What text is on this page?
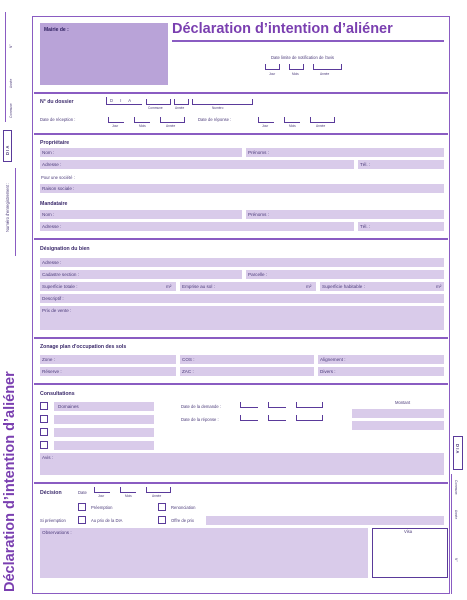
N°
Année
Commune
D I A
Numéro d'enregistrement :
Déclaration d’intention d’aliéner	D I A
Commune
Année
N°
Mairie de :	Déclaration d’intention d’aliéner
Date limite de notification de l'avis
Jour	Mois	Année
N° du dossier	D I A
Commune	Année	Numéro
Date de réception :
Jour	Mois	Année
Date de réponse :
Jour	Mois	Année
Propriétaire
Nom :	Prénoms :
Adresse :	Tél. :
Pour une société :
Raison sociale :
Mandataire
Nom :	Prénoms :
Adresse :	Tél. :
Désignation du bien
Adresse :
Cadastre section :	Parcelle :
Superficie totale :	m²	Emprise au sol :	m²	Superficie habitable :	m²
Descriptif :
Prix de vente :
Zonage plan d'occupation des sols
Zone :	COS :	Alignement :
Réserve :	ZAC :	Divers :
Consultations
Domaines	Date de la demande :
Date de la réponse :
Montant
Avis :
Décision	Date
Jour	Mois	Année
Préemption	Renonciation
Si préemption	Au prix de la DIA	Offre de prix
Observations :	Visa
